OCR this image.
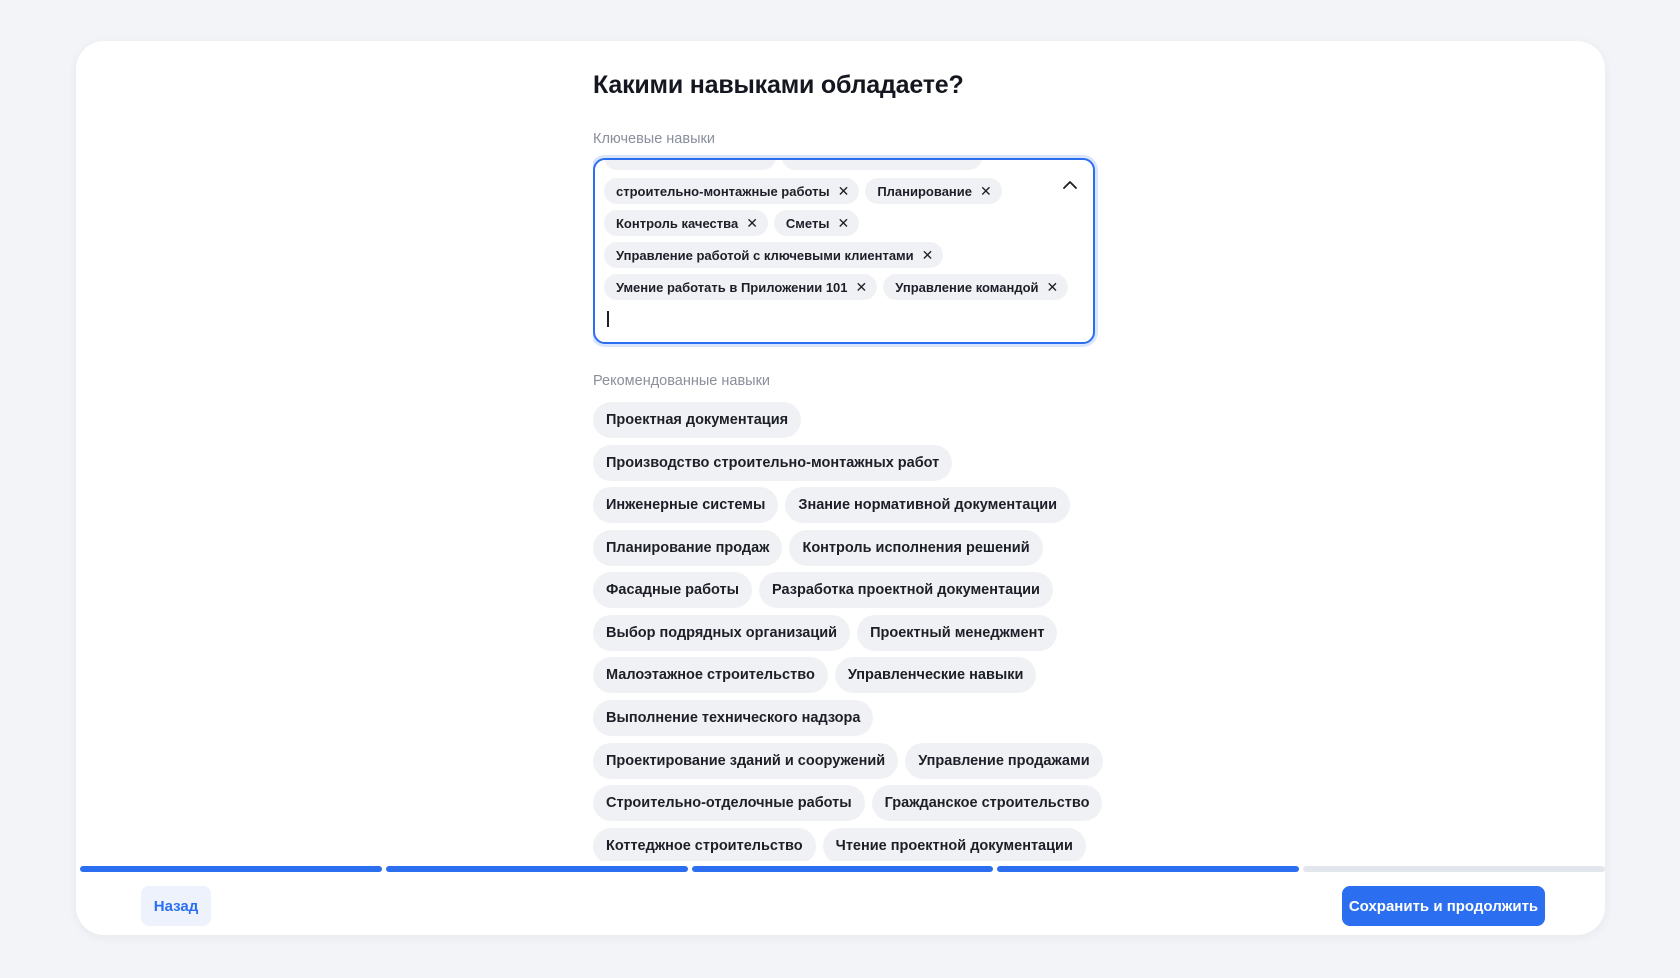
Какими навыками обладаете?
Ключевые навыки
строительно-монтажные работы ✕ Планирование ✕
Контроль качества ✕ Сметы ✕
Управление работой с ключевыми клиентами ✕
Умение работать в Приложении 101 ✕ Управление командой ✕
Рекомендованные навыки
Проектная документация
Производство строительно-монтажных работ
Инженерные системы	Знание нормативной документации
Планирование продаж	Контроль исполнения решений
Фасадные работы	Разработка проектной документации
Выбор подрядных организаций	Проектный менеджмент
Малоэтажное строительство	Управленческие навыки
Выполнение технического надзора
Проектирование зданий и сооружений	Управление продажами
Строительно-отделочные работы	Гражданское строительство
Коттеджное строительство	Чтение проектной документации
Назад	Сохранить и продолжить
